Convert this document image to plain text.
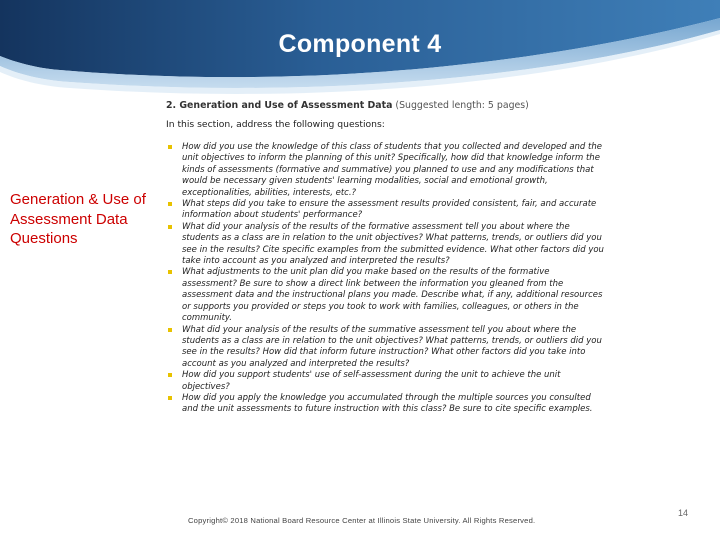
Component 4
Generation & Use of Assessment Data Questions
2. Generation and Use of Assessment Data (Suggested length: 5 pages)
In this section, address the following questions:
How did you use the knowledge of this class of students that you collected and developed and the unit objectives to inform the planning of this unit? Specifically, how did that knowledge inform the kinds of assessments (formative and summative) you planned to use and any modifications that would be necessary given students' learning modalities, social and emotional growth, exceptionalities, abilities, interests, etc.?
What steps did you take to ensure the assessment results provided consistent, fair, and accurate information about students' performance?
What did your analysis of the results of the formative assessment tell you about where the students as a class are in relation to the unit objectives? What patterns, trends, or outliers did you see in the results? Cite specific examples from the submitted evidence. What other factors did you take into account as you analyzed and interpreted the results?
What adjustments to the unit plan did you make based on the results of the formative assessment? Be sure to show a direct link between the information you gleaned from the assessment data and the instructional plans you made. Describe what, if any, additional resources or supports you provided or steps you took to work with families, colleagues, or others in the community.
What did your analysis of the results of the summative assessment tell you about where the students as a class are in relation to the unit objectives? What patterns, trends, or outliers did you see in the results? How did that inform future instruction? What other factors did you take into account as you analyzed and interpreted the results?
How did you support students' use of self-assessment during the unit to achieve the unit objectives?
How did you apply the knowledge you accumulated through the multiple sources you consulted and the unit assessments to future instruction with this class? Be sure to cite specific examples.
Copyright© 2018 National Board Resource Center at Illinois State University. All Rights Reserved.
14
